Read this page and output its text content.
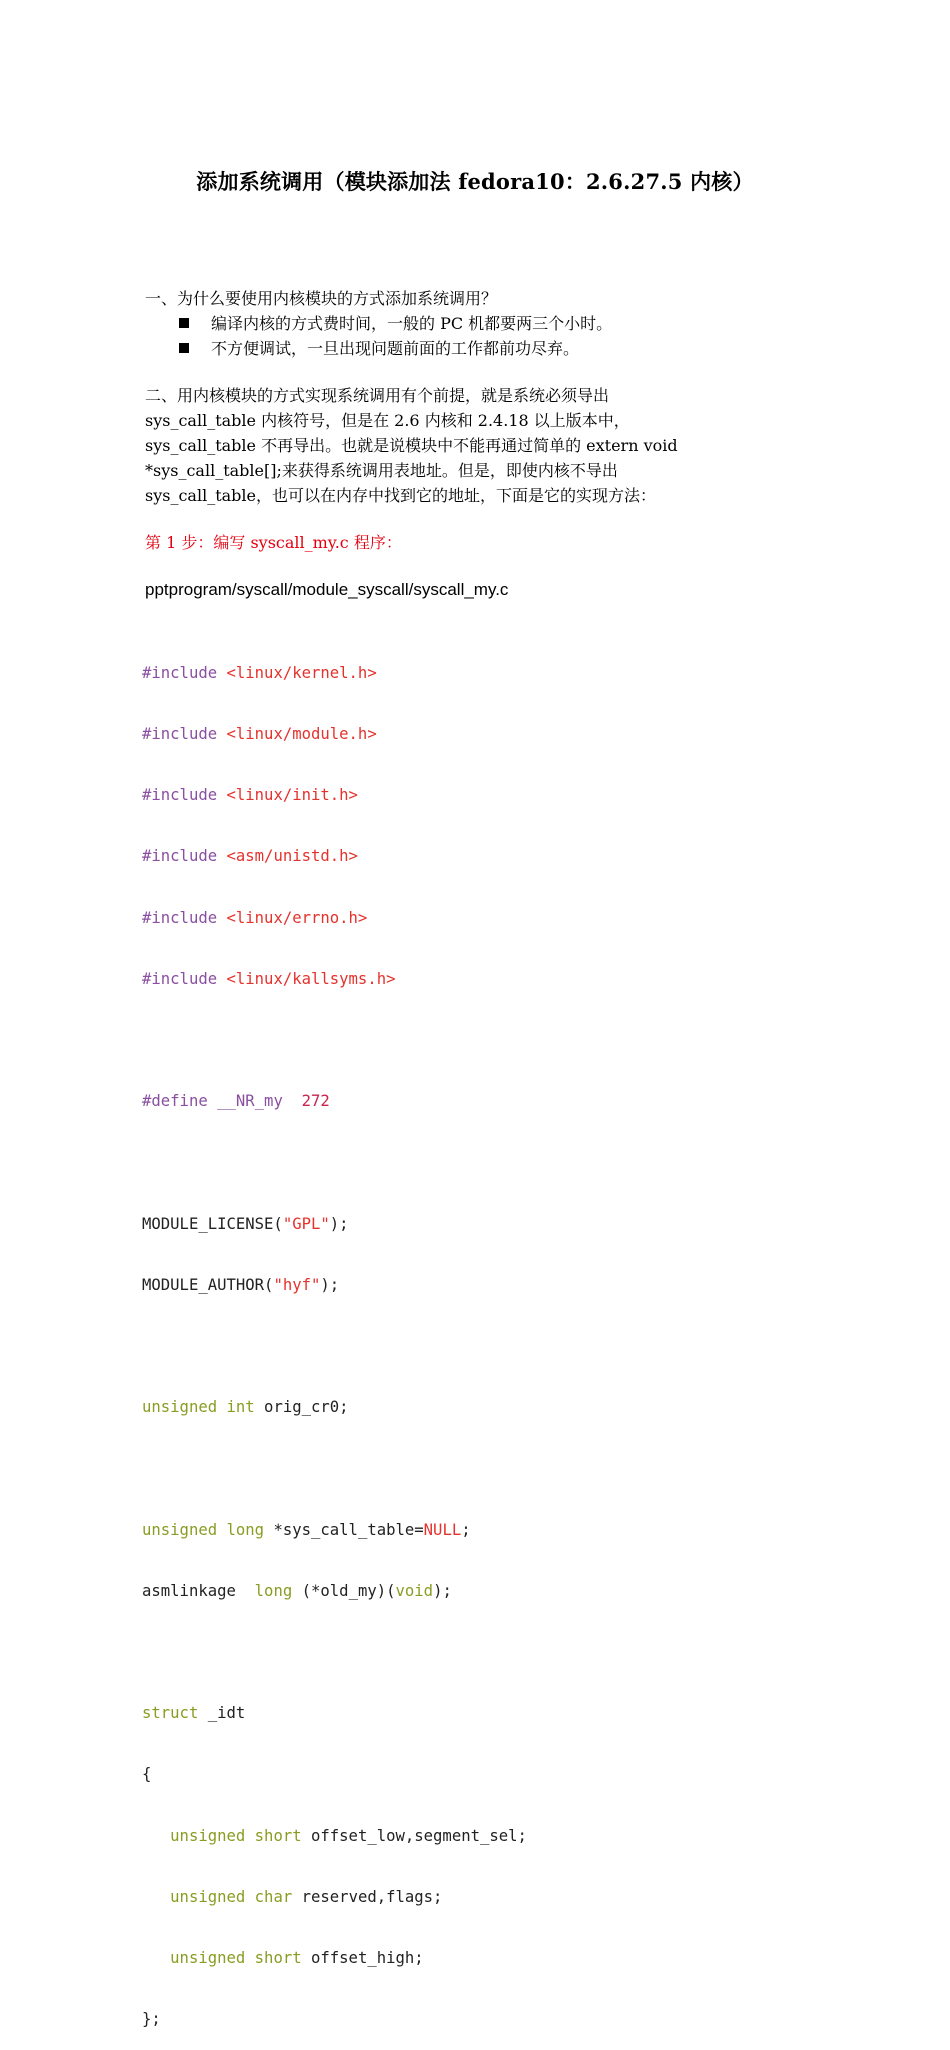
添加系统调用（模块添加法 fedora10：2.6.27.5 内核）
一、为什么要使用内核模块的方式添加系统调用？
编译内核的方式费时间，一般的 PC 机都要两三个小时。
不方便调试，一旦出现问题前面的工作都前功尽弃。
二、用内核模块的方式实现系统调用有个前提，就是系统必须导出
sys_call_table 内核符号，但是在 2.6 内核和 2.4.18 以上版本中，
sys_call_table 不再导出。也就是说模块中不能再通过简单的 extern void
*sys_call_table[];来获得系统调用表地址。但是，即使内核不导出
sys_call_table，也可以在内存中找到它的地址，下面是它的实现方法：
第 1 步：编写 syscall_my.c 程序：
pptprogram/syscall/module_syscall/syscall_my.c

#include <linux/kernel.h>

#include <linux/module.h>

#include <linux/init.h>

#include <asm/unistd.h>

#include <linux/errno.h>

#include <linux/kallsyms.h>

#define __NR_my 272

MODULE_LICENSE("GPL");

MODULE_AUTHOR("hyf");

unsigned int orig_cr0;

unsigned long *sys_call_table=NULL;

asmlinkage  long (*old_my)(void);

struct _idt

{

unsigned short offset_low,segment_sel;

unsigned char reserved,flags;

unsigned short offset_high;

};
